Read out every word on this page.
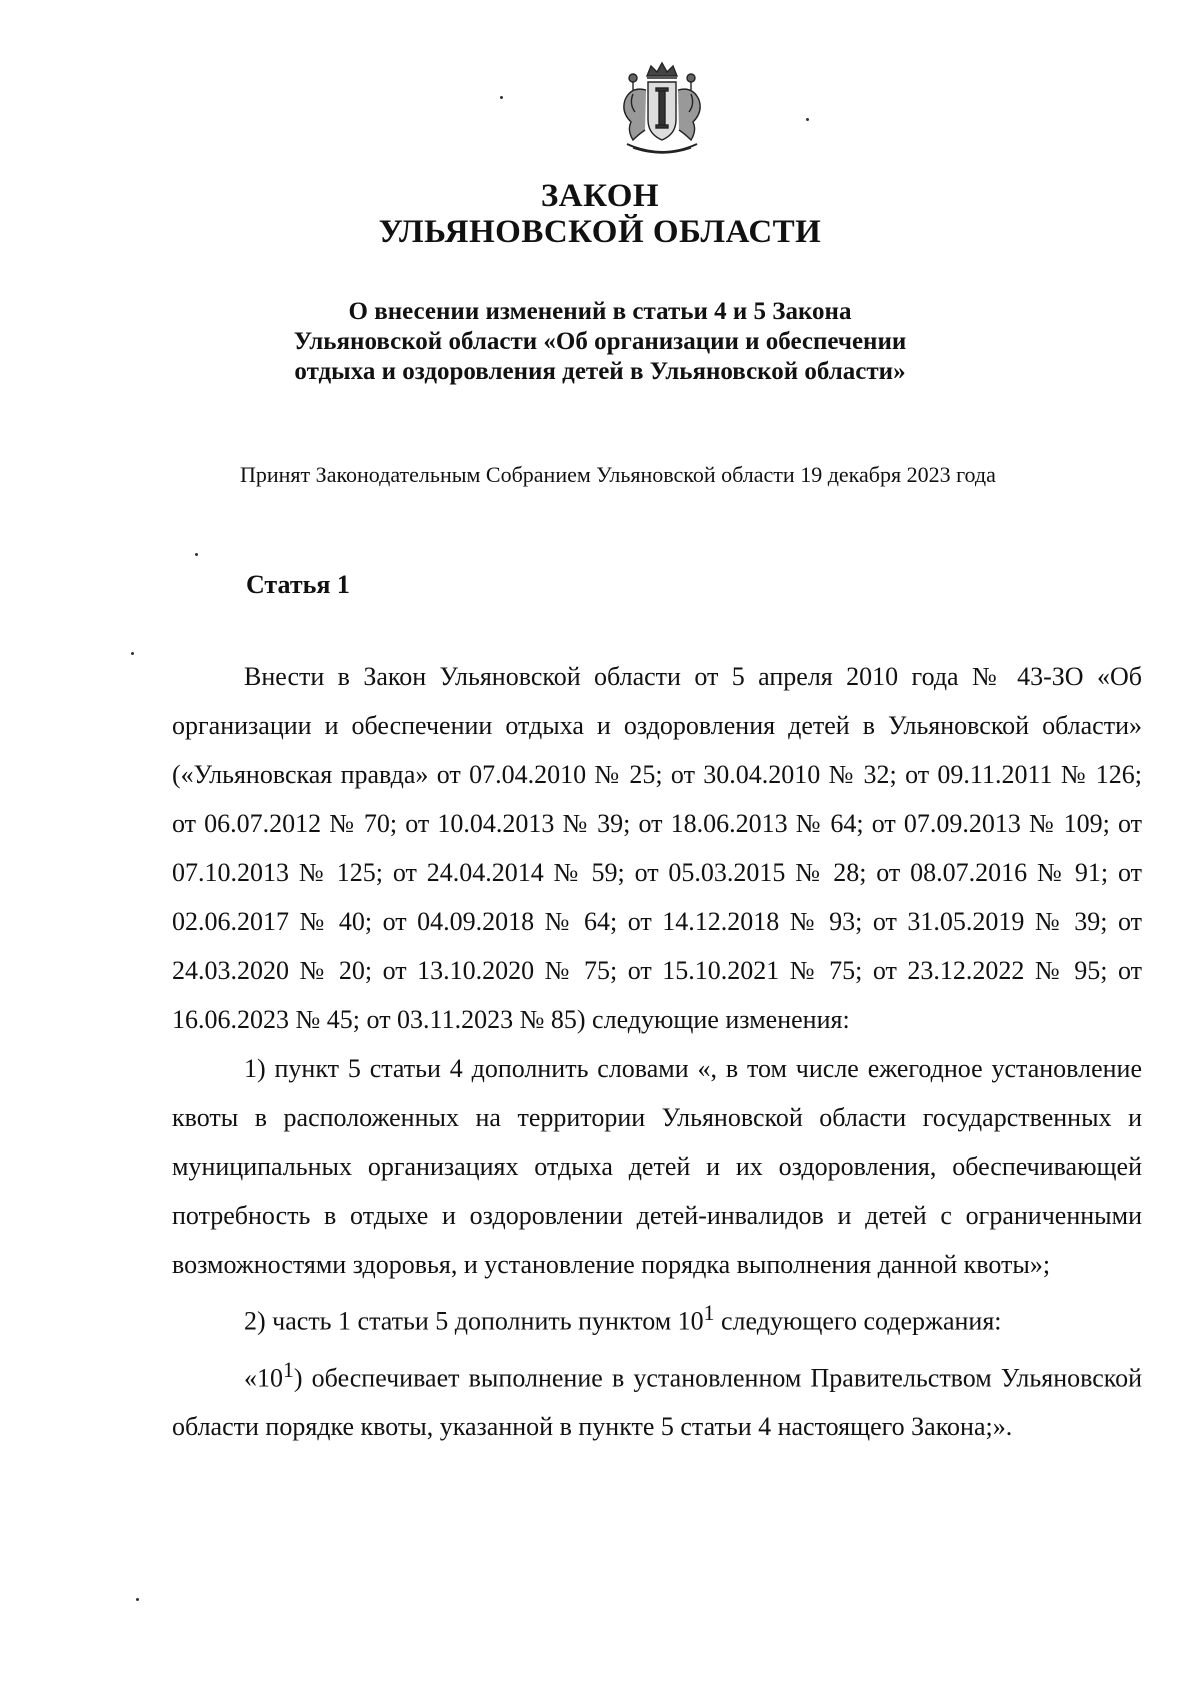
ЗАКОН
УЛЬЯНОВСКОЙ ОБЛАСТИ
О внесении изменений в статьи 4 и 5 Закона
Ульяновской области «Об организации и обеспечении
отдыха и оздоровления детей в Ульяновской области»
Принят Законодательным Собранием Ульяновской области 19 декабря 2023 года
Статья 1

Внести в Закон Ульяновской области от 5 апреля 2010 года № 43-ЗО «Об организации и обеспечении отдыха и оздоровления детей в Ульяновской области» («Ульяновская правда» от 07.04.2010 № 25; от 30.04.2010 № 32; от 09.11.2011 № 126; от 06.07.2012 № 70; от 10.04.2013 № 39; от 18.06.2013 № 64; от 07.09.2013 № 109; от 07.10.2013 № 125; от 24.04.2014 № 59; от 05.03.2015 № 28; от 08.07.2016 № 91; от 02.06.2017 № 40; от 04.09.2018 № 64; от 14.12.2018 № 93; от 31.05.2019 № 39; от 24.03.2020 № 20; от 13.10.2020 № 75; от 15.10.2021 № 75; от 23.12.2022 № 95; от 16.06.2023 № 45; от 03.11.2023 № 85) следующие изменения:

1) пункт 5 статьи 4 дополнить словами «, в том числе ежегодное установление квоты в расположенных на территории Ульяновской области государственных и муниципальных организациях отдыха детей и их оздоровления, обеспечивающей потребность в отдыхе и оздоровлении детей-инвалидов и детей с ограниченными возможностями здоровья, и установление порядка выполнения данной квоты»;

2) часть 1 статьи 5 дополнить пунктом $10^1$ следующего содержания:

«$10^1$) обеспечивает выполнение в установленном Правительством Ульяновской области порядке квоты, указанной в пункте 5 статьи 4 настоящего Закона;».
